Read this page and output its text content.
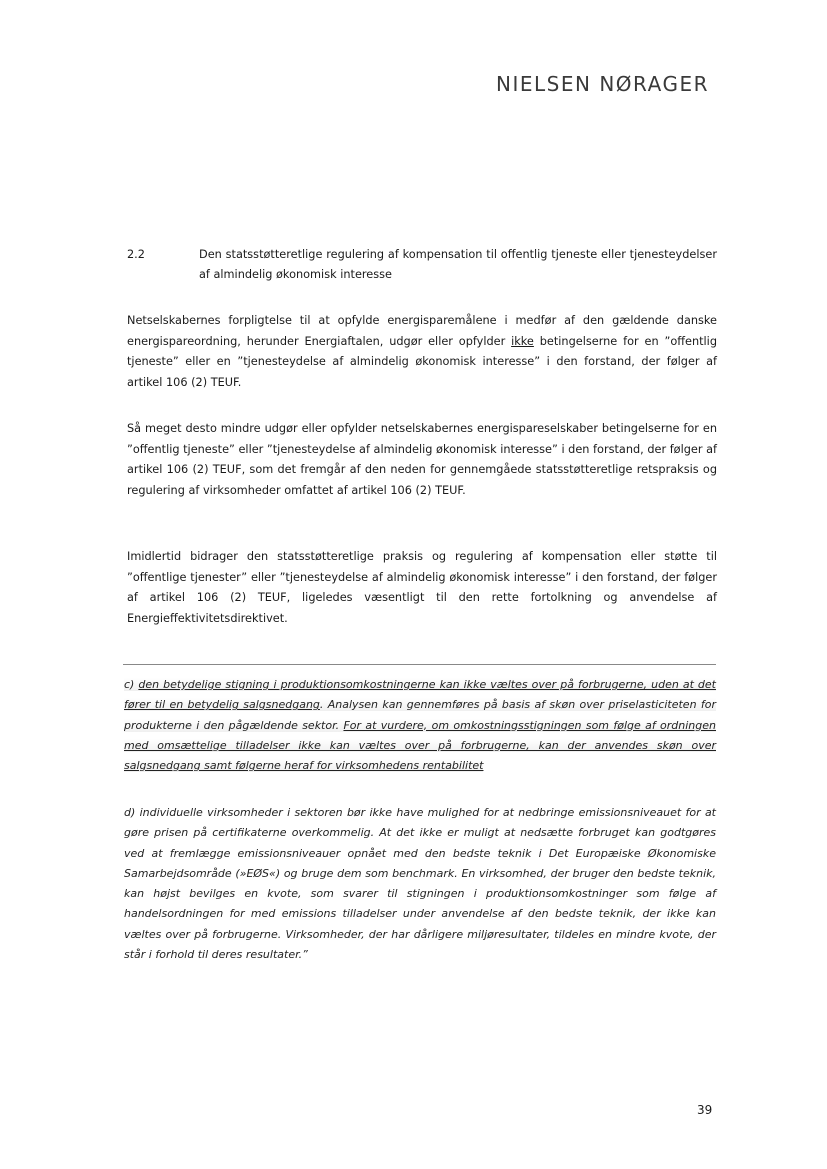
NIELSEN NØRAGER
2.2	Den statsstøtteretlige regulering af kompensation til offentlig tjeneste eller tjenesteydelser af almindelig økonomisk interesse
Netselskabernes forpligtelse til at opfylde energisparemålene i medfør af den gældende danske energispareordning, herunder Energiaftalen, udgør eller opfylder ikke betingelserne for en ”offentlig tjeneste” eller en ”tjenesteydelse af almindelig økonomisk interesse” i den forstand, der følger af artikel 106 (2) TEUF.
Så meget desto mindre udgør eller opfylder netselskabernes energispareselskaber betingelserne for en ”offentlig tjeneste” eller ”tjenesteydelse af almindelig økonomisk interesse” i den forstand, der følger af artikel 106 (2) TEUF, som det fremgår af den neden for gennemgåede statsstøtteretlige retspraksis og regulering af virksomheder omfattet af artikel 106 (2) TEUF.
Imidlertid bidrager den statsstøtteretlige praksis og regulering af kompensation eller støtte til ”offentlige tjenester” eller ”tjenesteydelse af almindelig økonomisk interesse” i den forstand, der følger af artikel 106 (2) TEUF, ligeledes væsentligt til den rette fortolkning og anvendelse af Energieffektivitetsdirektivet.
c) den betydelige stigning i produktionsomkostningerne kan ikke væltes over på forbrugerne, uden at det fører til en betydelig salgsnedgang. Analysen kan gennemføres på basis af skøn over priselasticiteten for produkterne i den pågældende sektor. For at vurdere, om omkostningsstigningen som følge af ordningen med omsættelige tilladelser ikke kan væltes over på forbrugerne, kan der anvendes skøn over salgsnedgang samt følgerne heraf for virksomhedens rentabilitet
d) individuelle virksomheder i sektoren bør ikke have mulighed for at nedbringe emissionsniveauet for at gøre prisen på certifikaterne overkommelig. At det ikke er muligt at nedsætte forbruget kan godtgøres ved at fremlægge emissionsniveauer opnået med den bedste teknik i Det Europæiske Økonomiske Samarbejdsområde (»EØS«) og bruge dem som benchmark. En virksomhed, der bruger den bedste teknik, kan højst bevilges en kvote, som svarer til stigningen i produktionsomkostninger som følge af handelsordningen for med emissions tilladelser under anvendelse af den bedste teknik, der ikke kan væltes over på forbrugerne. Virksomheder, der har dårligere miljøresultater, tildeles en mindre kvote, der står i forhold til deres resultater.”
39
